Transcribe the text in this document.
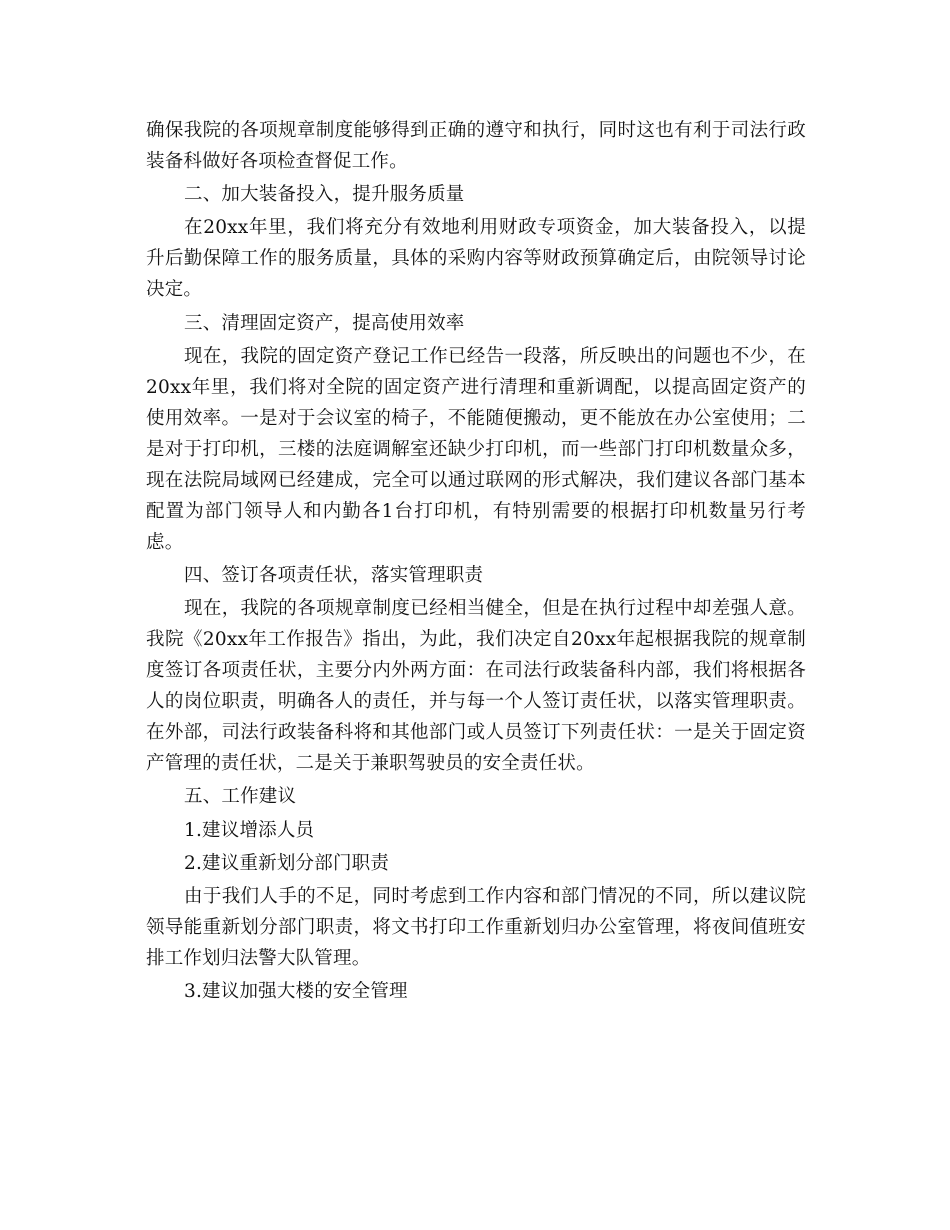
确保我院的各项规章制度能够得到正确的遵守和执行，同时这也有利于司法行政装备科做好各项检查督促工作。

二、加大装备投入，提升服务质量

在20xx年里，我们将充分有效地利用财政专项资金，加大装备投入，以提升后勤保障工作的服务质量，具体的采购内容等财政预算确定后，由院领导讨论决定。

三、清理固定资产，提高使用效率

现在，我院的固定资产登记工作已经告一段落，所反映出的问题也不少，在20xx年里，我们将对全院的固定资产进行清理和重新调配，以提高固定资产的使用效率。一是对于会议室的椅子，不能随便搬动，更不能放在办公室使用；二是对于打印机，三楼的法庭调解室还缺少打印机，而一些部门打印机数量众多，现在法院局域网已经建成，完全可以通过联网的形式解决，我们建议各部门基本配置为部门领导人和内勤各1台打印机，有特别需要的根据打印机数量另行考虑。

四、签订各项责任状，落实管理职责

现在，我院的各项规章制度已经相当健全，但是在执行过程中却差强人意。我院《20xx年工作报告》指出，为此，我们决定自20xx年起根据我院的规章制度签订各项责任状，主要分内外两方面：在司法行政装备科内部，我们将根据各人的岗位职责，明确各人的责任，并与每一个人签订责任状，以落实管理职责。在外部，司法行政装备科将和其他部门或人员签订下列责任状：一是关于固定资产管理的责任状，二是关于兼职驾驶员的安全责任状。

五、工作建议

1.建议增添人员

2.建议重新划分部门职责

由于我们人手的不足，同时考虑到工作内容和部门情况的不同，所以建议院领导能重新划分部门职责，将文书打印工作重新划归办公室管理，将夜间值班安排工作划归法警大队管理。

3.建议加强大楼的安全管理
